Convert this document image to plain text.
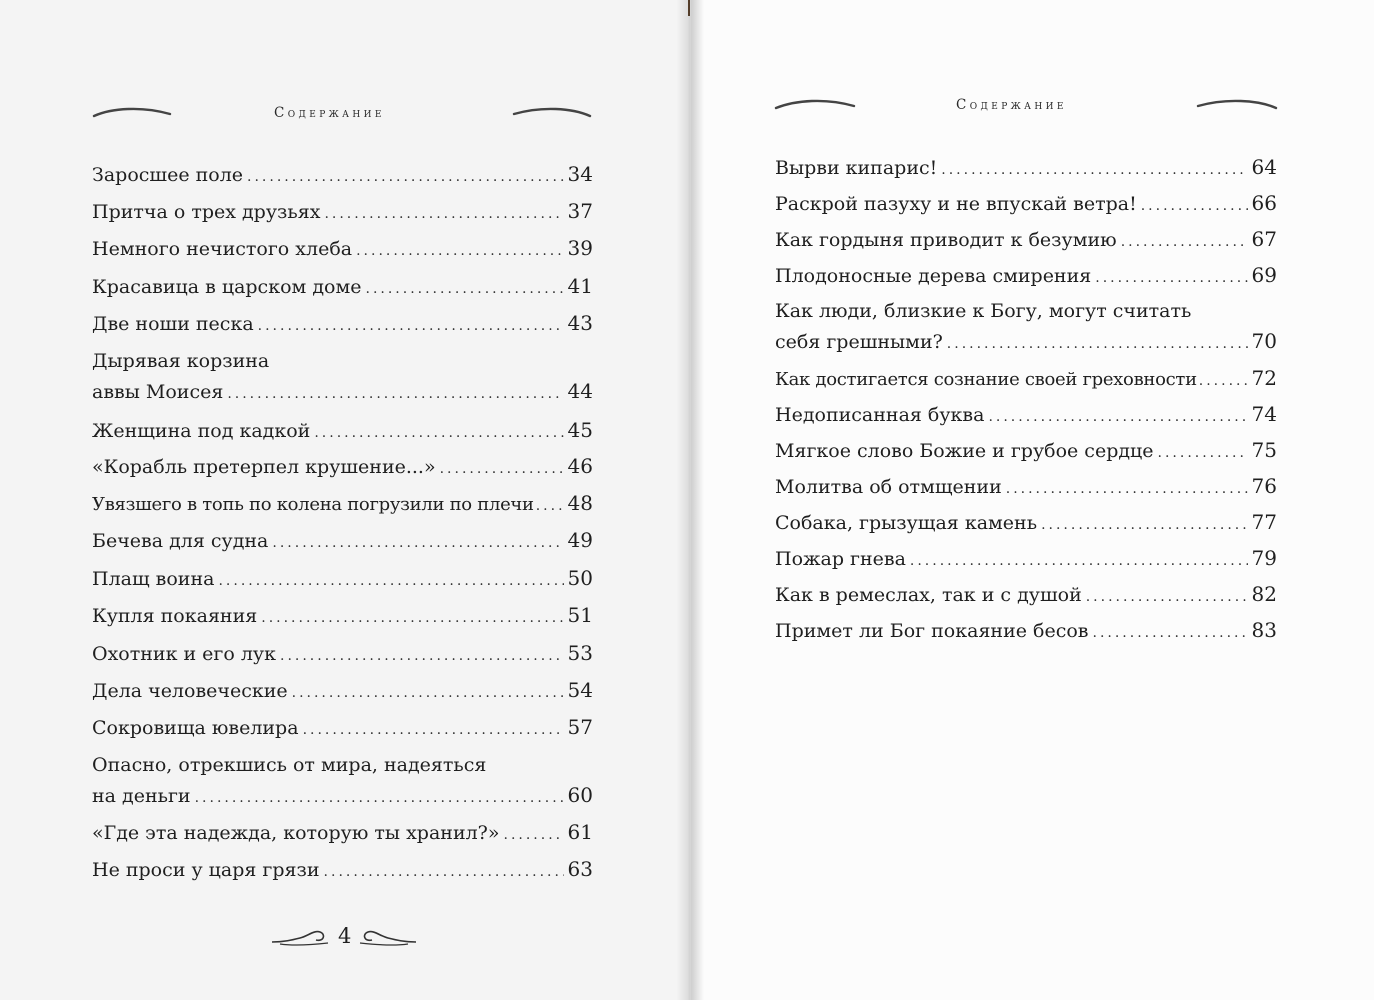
Содержание
Заросшее поле .....	34
Притча о трех друзьях .....	37
Немного нечистого хлеба .....	39
Красавица в царском доме .....	41
Две ноши песка .....	43
Дырявая корзина
аввы Моисея .....	44
Женщина под кадкой .....	45
«Корабль претерпел крушение...» .....	46
Увязшего в топь по колена погрузили по плечи ..... 48
Бечева для судна .....	49
Плащ воина .....	50
Купля покаяния .....	51
Охотник и его лук .....	53
Дела человеческие .....	54
Сокровища ювелира .....	57
Опасно, отрекшись от мира, надеяться
на деньги .....	60
«Где эта надежда, которую ты хранил?» .....	61
Не проси у царя грязи .....	63
4
Содержание
Вырви кипарис! .....	64
Раскрой пазуху и не впускай ветра! .....	66
Как гордыня приводит к безумию .....	67
Плодоносные дерева смирения .....	69
Как люди, близкие к Богу, могут считать
себя грешными? .....	70
Как достигается сознание своей греховности .....	72
Недописанная буква .....	74
Мягкое слово Божие и грубое сердце .....	75
Молитва об отмщении .....	76
Собака, грызущая камень .....	77
Пожар гнева .....	79
Как в ремеслах, так и с душой .....	82
Примет ли Бог покаяние бесов .....	83
